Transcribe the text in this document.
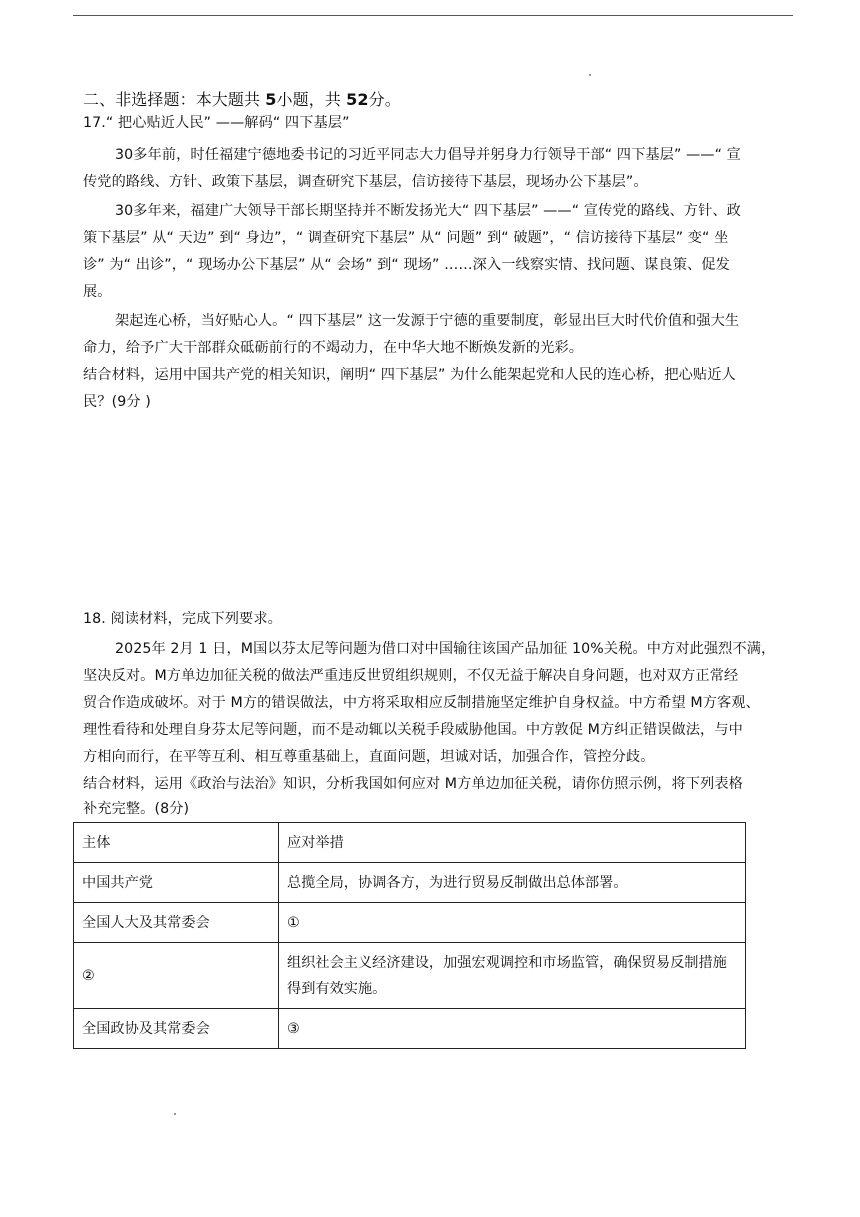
二、非选择题：本大题共 5小题，共 52分。
17.“ 把心贴近人民” ——解码“ 四下基层”
30多年前，时任福建宁德地委书记的习近平同志大力倡导并躬身力行领导干部“ 四下基层” ——“ 宣
传党的路线、方针、政策下基层，调查研究下基层，信访接待下基层，现场办公下基层”。
30多年来，福建广大领导干部长期坚持并不断发扬光大“ 四下基层” ——“ 宣传党的路线、方针、政
策下基层” 从“ 天边” 到“ 身边”，“ 调查研究下基层” 从“ 问题” 到“ 破题”，“ 信访接待下基层” 变“ 坐
诊” 为“ 出诊”，“ 现场办公下基层” 从“ 会场” 到“ 现场” ……深入一线察实情、找问题、谋良策、促发
展。
架起连心桥，当好贴心人。“ 四下基层” 这一发源于宁德的重要制度，彰显出巨大时代价值和强大生
命力，给予广大干部群众砥砺前行的不竭动力，在中华大地不断焕发新的光彩。
结合材料，运用中国共产党的相关知识，阐明“ 四下基层” 为什么能架起党和人民的连心桥，把心贴近人
民？(9分 )
18. 阅读材料，完成下列要求。
2025年 2月 1 日，M国以芬太尼等问题为借口对中国输往该国产品加征 10%关税。中方对此强烈不满，
坚决反对。M方单边加征关税的做法严重违反世贸组织规则，不仅无益于解决自身问题，也对双方正常经
贸合作造成破坏。对于 M方的错误做法，中方将采取相应反制措施坚定维护自身权益。中方希望 M方客观、
理性看待和处理自身芬太尼等问题，而不是动辄以关税手段威胁他国。中方敦促 M方纠正错误做法，与中
方相向而行，在平等互利、相互尊重基础上，直面问题，坦诚对话，加强合作，管控分歧。
结合材料，运用《政治与法治》知识，分析我国如何应对 M方单边加征关税，请你仿照示例，将下列表格
补充完整。(8分)
主体	应对举措
中国共产党	总揽全局，协调各方，为进行贸易反制做出总体部署。
全国人大及其常委会	①
②	组织社会主义经济建设，加强宏观调控和市场监管，确保贸易反制措施得到有效实施。
全国政协及其常委会	③
